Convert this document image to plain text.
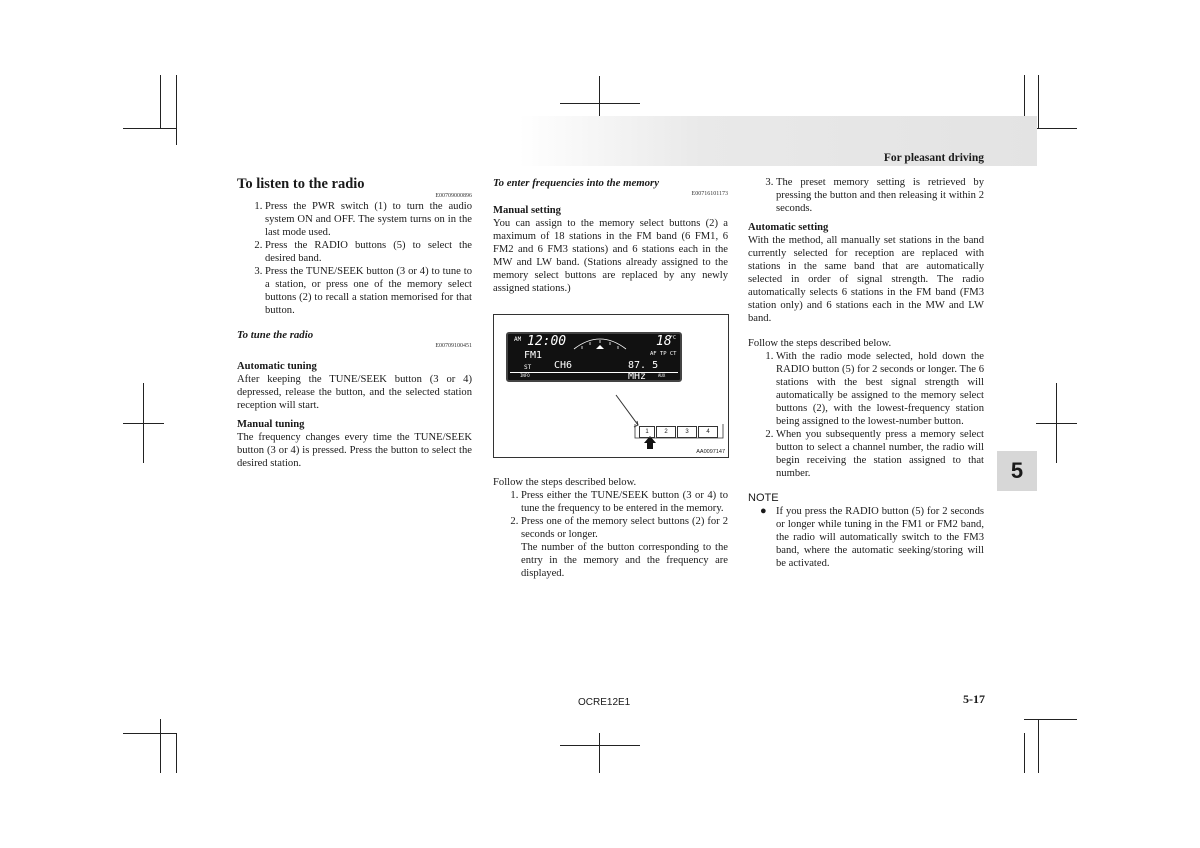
For pleasant driving
5
To listen to the radio
E00709000896
1. Press the PWR switch (1) to turn the audio system ON and OFF. The system turns on in the last mode used.
2. Press the RADIO buttons (5) to select the desired band.
3. Press the TUNE/SEEK button (3 or 4) to tune to a station, or press one of the memory select buttons (2) to recall a station memorised for that button.

To tune the radio

E00709100451

Automatic tuning

After keeping the TUNE/SEEK button (3 or 4) depressed, release the button, and the selected station reception will start.

Manual tuning

The frequency changes every time the TUNE/SEEK button (3 or 4) is pressed. Press the button to select the desired station.

To enter frequencies into the memory

E00716101173

Manual setting

You can assign to the memory select buttons (2) a maximum of 18 stations in the FM band (6 FM1, 6 FM2 and 6 FM3 stations) and 6 stations each in the MW and LW band. (Stations already assigned to the memory select buttons are replaced by any newly assigned stations.)

AM 12:00	18
°C
FM1	AF TP CT
ST CH6	87. 5 MHz
INFO	AUX
1	2	3	4
AA0097147

Follow the steps described below.

1. Press either the TUNE/SEEK button (3 or 4) to tune the frequency to be entered in the memory.
2. Press one of the memory select buttons (2) for 2 seconds or longer.
The number of the button corresponding to the entry in the memory and the frequency are displayed.
3. The preset memory setting is retrieved by pressing the button and then releasing it within 2 seconds.

Automatic setting

With the method, all manually set stations in the band currently selected for reception are replaced with stations in the same band that are automatically selected in order of signal strength. The radio automatically selects 6 stations in the FM band (FM3 station only) and 6 stations each in the MW and LW band.

Follow the steps described below.

1. With the radio mode selected, hold down the RADIO button (5) for 2 seconds or longer. The 6 stations with the best signal strength will automatically be assigned to the memory select buttons (2), with the lowest-frequency station being assigned to the lowest-number button.
2. When you subsequently press a memory select button to select a channel number, the radio will begin receiving the station assigned to that number.

NOTE

● If you press the RADIO button (5) for 2 seconds or longer while tuning in the FM1 or FM2 band, the radio will automatically switch to the FM3 band, where the automatic seeking/storing will be activated.
OCRE12E1	5-17
